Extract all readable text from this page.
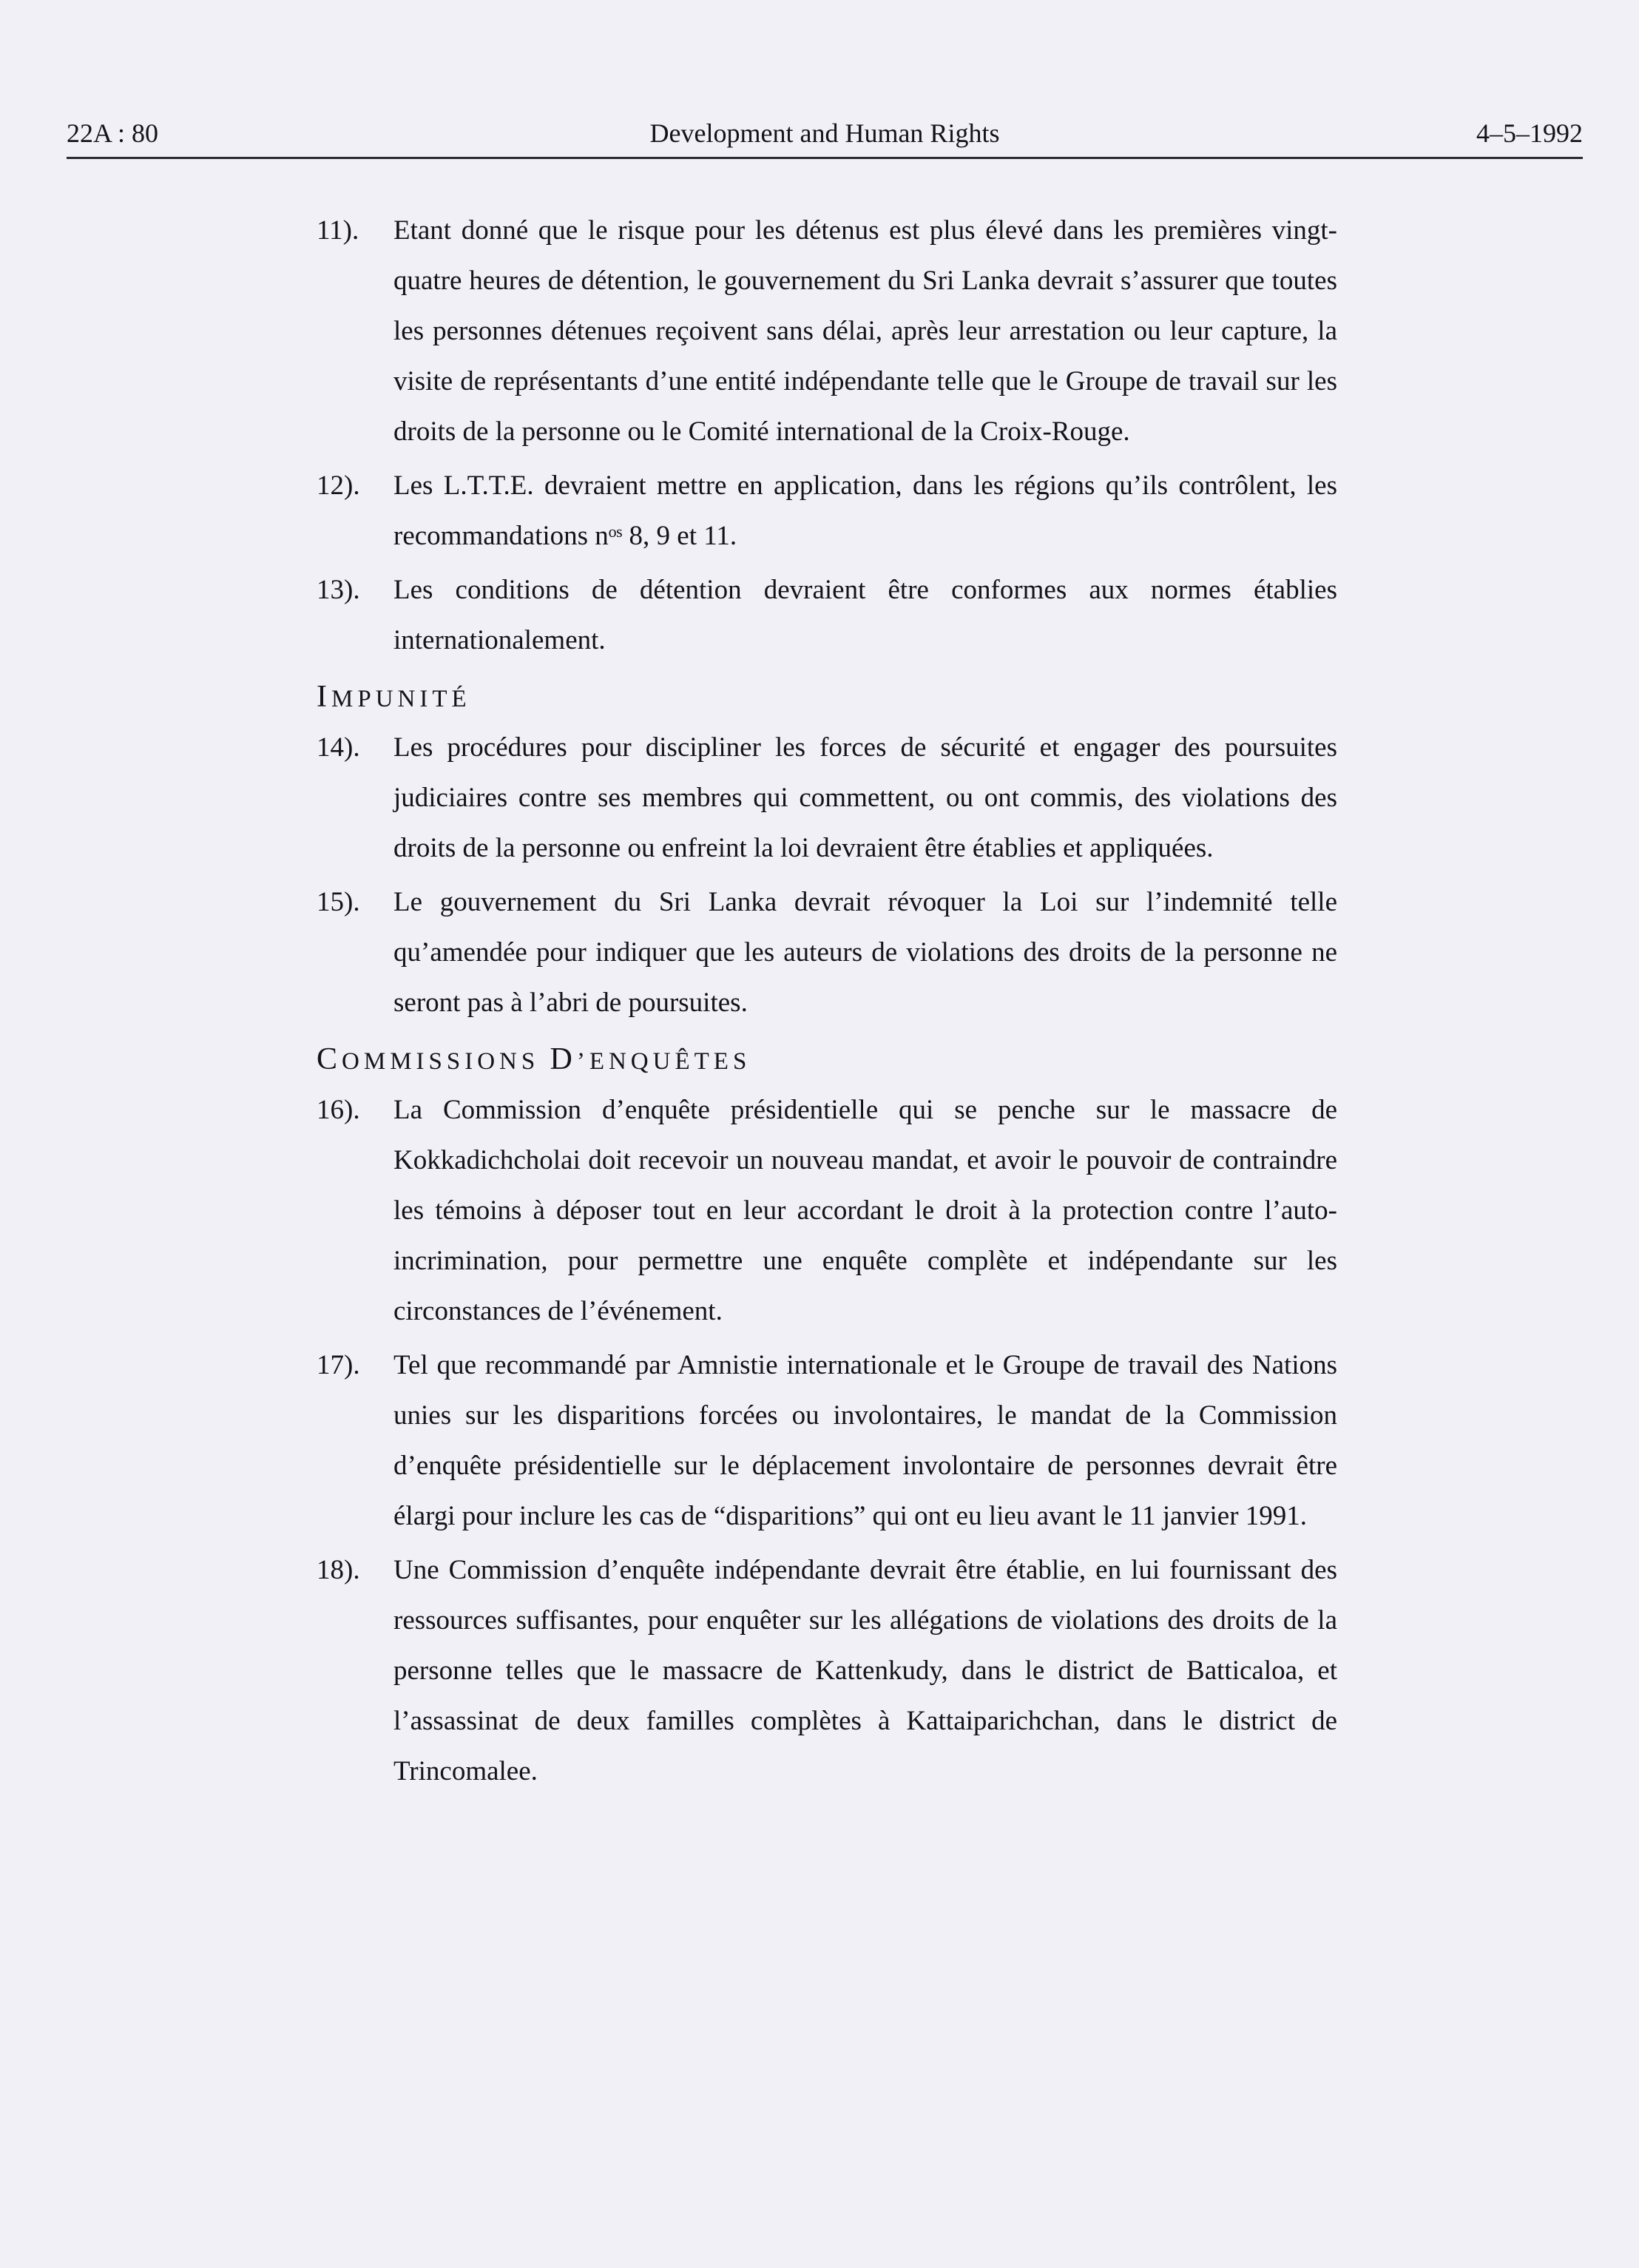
22A : 80	Development and Human Rights	4–5–1992
11). Etant donné que le risque pour les détenus est plus élevé dans les premières vingt-quatre heures de détention, le gouvernement du Sri Lanka devrait s’assurer que toutes les personnes détenues reçoivent sans délai, après leur arrestation ou leur capture, la visite de représentants d’une entité indépendante telle que le Groupe de travail sur les droits de la personne ou le Comité international de la Croix-Rouge.
12). Les L.T.T.E. devraient mettre en application, dans les régions qu’ils contrôlent, les recommandations nᵒˢ 8, 9 et 11.
13). Les conditions de détention devraient être conformes aux normes établies internationalement.
IMPUNITÉ
14). Les procédures pour discipliner les forces de sécurité et engager des poursuites judiciaires contre ses membres qui commettent, ou ont commis, des violations des droits de la personne ou enfreint la loi devraient être établies et appliquées.
15). Le gouvernement du Sri Lanka devrait révoquer la Loi sur l’indemnité telle qu’amendée pour indiquer que les auteurs de violations des droits de la personne ne seront pas à l’abri de poursuites.
COMMISSIONS D’ENQUÊTES
16). La Commission d’enquête présidentielle qui se penche sur le massacre de Kokkadichcholai doit recevoir un nouveau mandat, et avoir le pouvoir de contraindre les témoins à déposer tout en leur accordant le droit à la protection contre l’auto-incrimination, pour permettre une enquête complète et indépendante sur les circonstances de l’événement.
17). Tel que recommandé par Amnistie internationale et le Groupe de travail des Nations unies sur les disparitions forcées ou involontaires, le mandat de la Commission d’enquête présidentielle sur le déplacement involontaire de personnes devrait être élargi pour inclure les cas de “disparitions” qui ont eu lieu avant le 11 janvier 1991.
18). Une Commission d’enquête indépendante devrait être établie, en lui fournissant des ressources suffisantes, pour enquêter sur les allégations de violations des droits de la personne telles que le massacre de Kattenkudy, dans le district de Batticaloa, et l’assassinat de deux familles complètes à Kattaiparichchan, dans le district de Trincomalee.
